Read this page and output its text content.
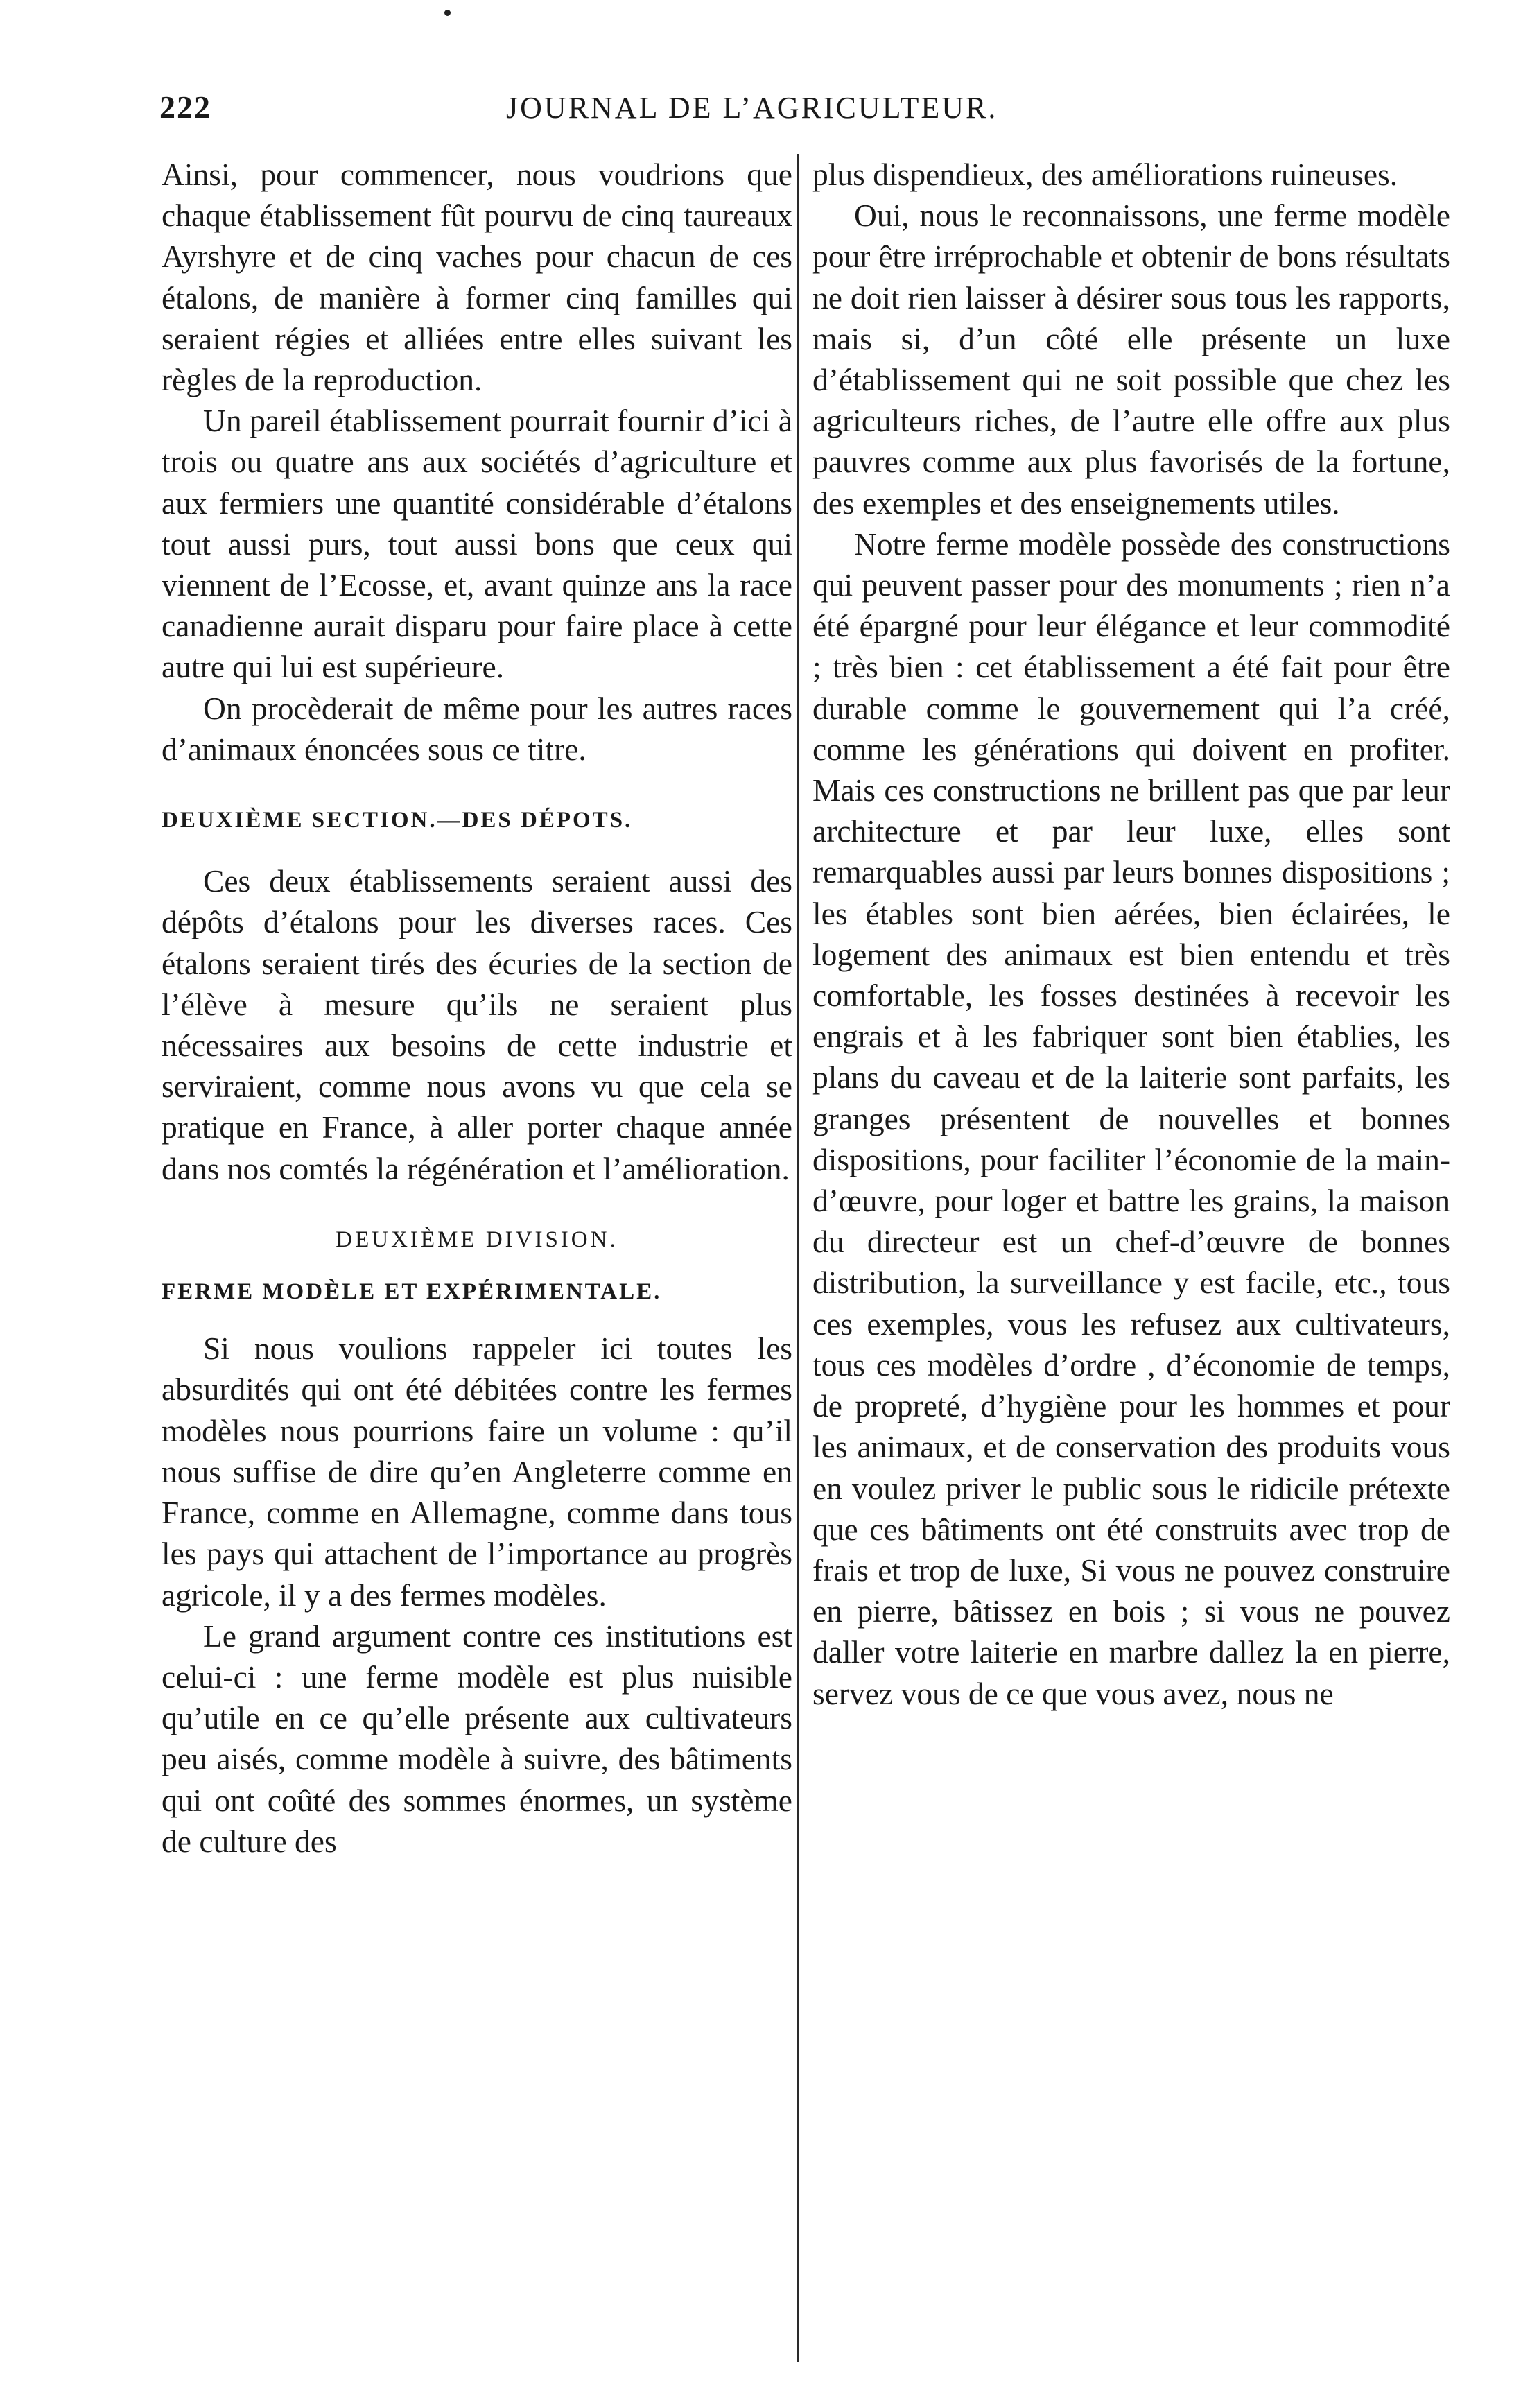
222	JOURNAL DE L’AGRICULTEUR.

Ainsi, pour commencer, nous voudrions que chaque établissement fût pourvu de cinq taureaux Ayrshyre et de cinq vaches pour chacun de ces étalons, de manière à former cinq familles qui seraient régies et alliées entre elles suivant les règles de la reproduction.

Un pareil établissement pourrait fournir d’ici à trois ou quatre ans aux sociétés d’agriculture et aux fermiers une quantité considérable d’étalons tout aussi purs, tout aussi bons que ceux qui viennent de l’Ecosse, et, avant quinze ans la race canadienne aurait disparu pour faire place à cette autre qui lui est supérieure.

On procèderait de même pour les autres races d’animaux énoncées sous ce titre.

DEUXIÈME SECTION.—DES DÉPOTS.

Ces deux établissements seraient aussi des dépôts d’étalons pour les diverses races. Ces étalons seraient tirés des écuries de la section de l’élève à mesure qu’ils ne seraient plus nécessaires aux besoins de cette industrie et serviraient, comme nous avons vu que cela se pratique en France, à aller porter chaque année dans nos comtés la régénération et l’amélioration.

DEUXIÈME DIVISION.
FERME MODÈLE ET EXPÉRIMENTALE.

Si nous voulions rappeler ici toutes les absurdités qui ont été débitées contre les fermes modèles nous pourrions faire un volume : qu’il nous suffise de dire qu’en Angleterre comme en France, comme en Allemagne, comme dans tous les pays qui attachent de l’importance au progrès agricole, il y a des fermes modèles.

Le grand argument contre ces institutions est celui-ci : une ferme modèle est plus nuisible qu’utile en ce qu’elle présente aux cultivateurs peu aisés, comme modèle à suivre, des bâtiments qui ont coûté des sommes énormes, un système de culture des

plus dispendieux, des améliorations ruineuses.

Oui, nous le reconnaissons, une ferme modèle pour être irréprochable et obtenir de bons résultats ne doit rien laisser à désirer sous tous les rapports, mais si, d’un côté elle présente un luxe d’établissement qui ne soit possible que chez les agriculteurs riches, de l’autre elle offre aux plus pauvres comme aux plus favorisés de la fortune, des exemples et des enseignements utiles.

Notre ferme modèle possède des constructions qui peuvent passer pour des monuments ; rien n’a été épargné pour leur élégance et leur commodité ; très bien : cet établissement a été fait pour être durable comme le gouvernement qui l’a créé, comme les générations qui doivent en profiter. Mais ces constructions ne brillent pas que par leur architecture et par leur luxe, elles sont remarquables aussi par leurs bonnes dispositions ; les étables sont bien aérées, bien éclairées, le logement des animaux est bien entendu et très comfortable, les fosses destinées à recevoir les engrais et à les fabriquer sont bien établies, les plans du caveau et de la laiterie sont parfaits, les granges présentent de nouvelles et bonnes dispositions, pour faciliter l’économie de la main-d’œuvre, pour loger et battre les grains, la maison du directeur est un chef-d’œuvre de bonnes distribution, la surveillance y est facile, etc., tous ces exemples, vous les refusez aux cultivateurs, tous ces modèles d’ordre , d’économie de temps, de propreté, d’hygiène pour les hommes et pour les animaux, et de conservation des produits vous en voulez priver le public sous le ridicile prétexte que ces bâtiments ont été construits avec trop de frais et trop de luxe, Si vous ne pouvez construire en pierre, bâtissez en bois ; si vous ne pouvez daller votre laiterie en marbre dallez la en pierre, servez vous de ce que vous avez, nous ne
